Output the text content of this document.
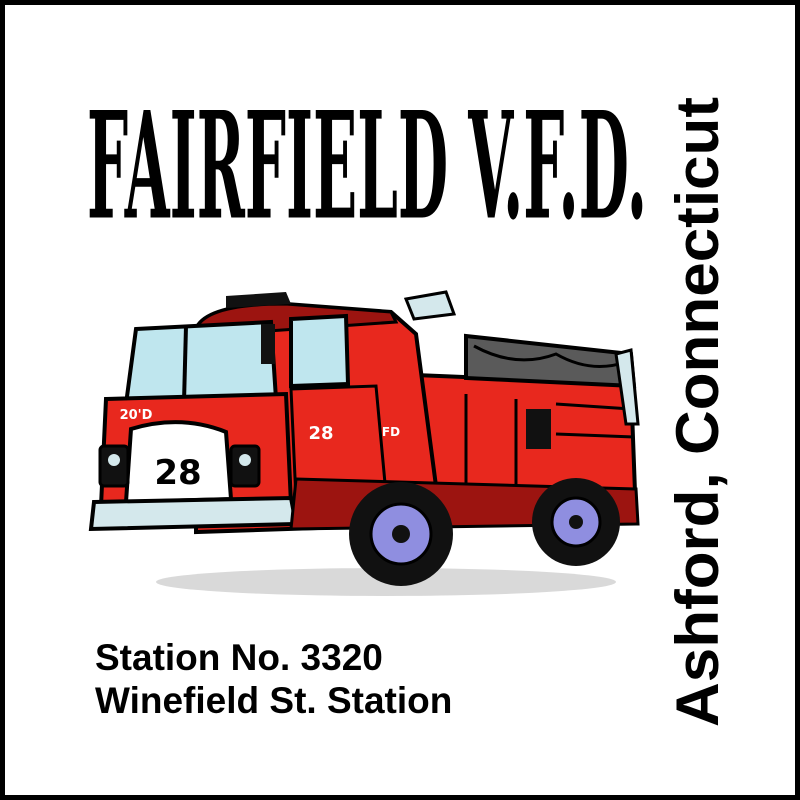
FAIRFIELD V.F.D. Ashford, Connecticut
Station No. 3320
Winefield St. Station
28
20'D
28	FD
